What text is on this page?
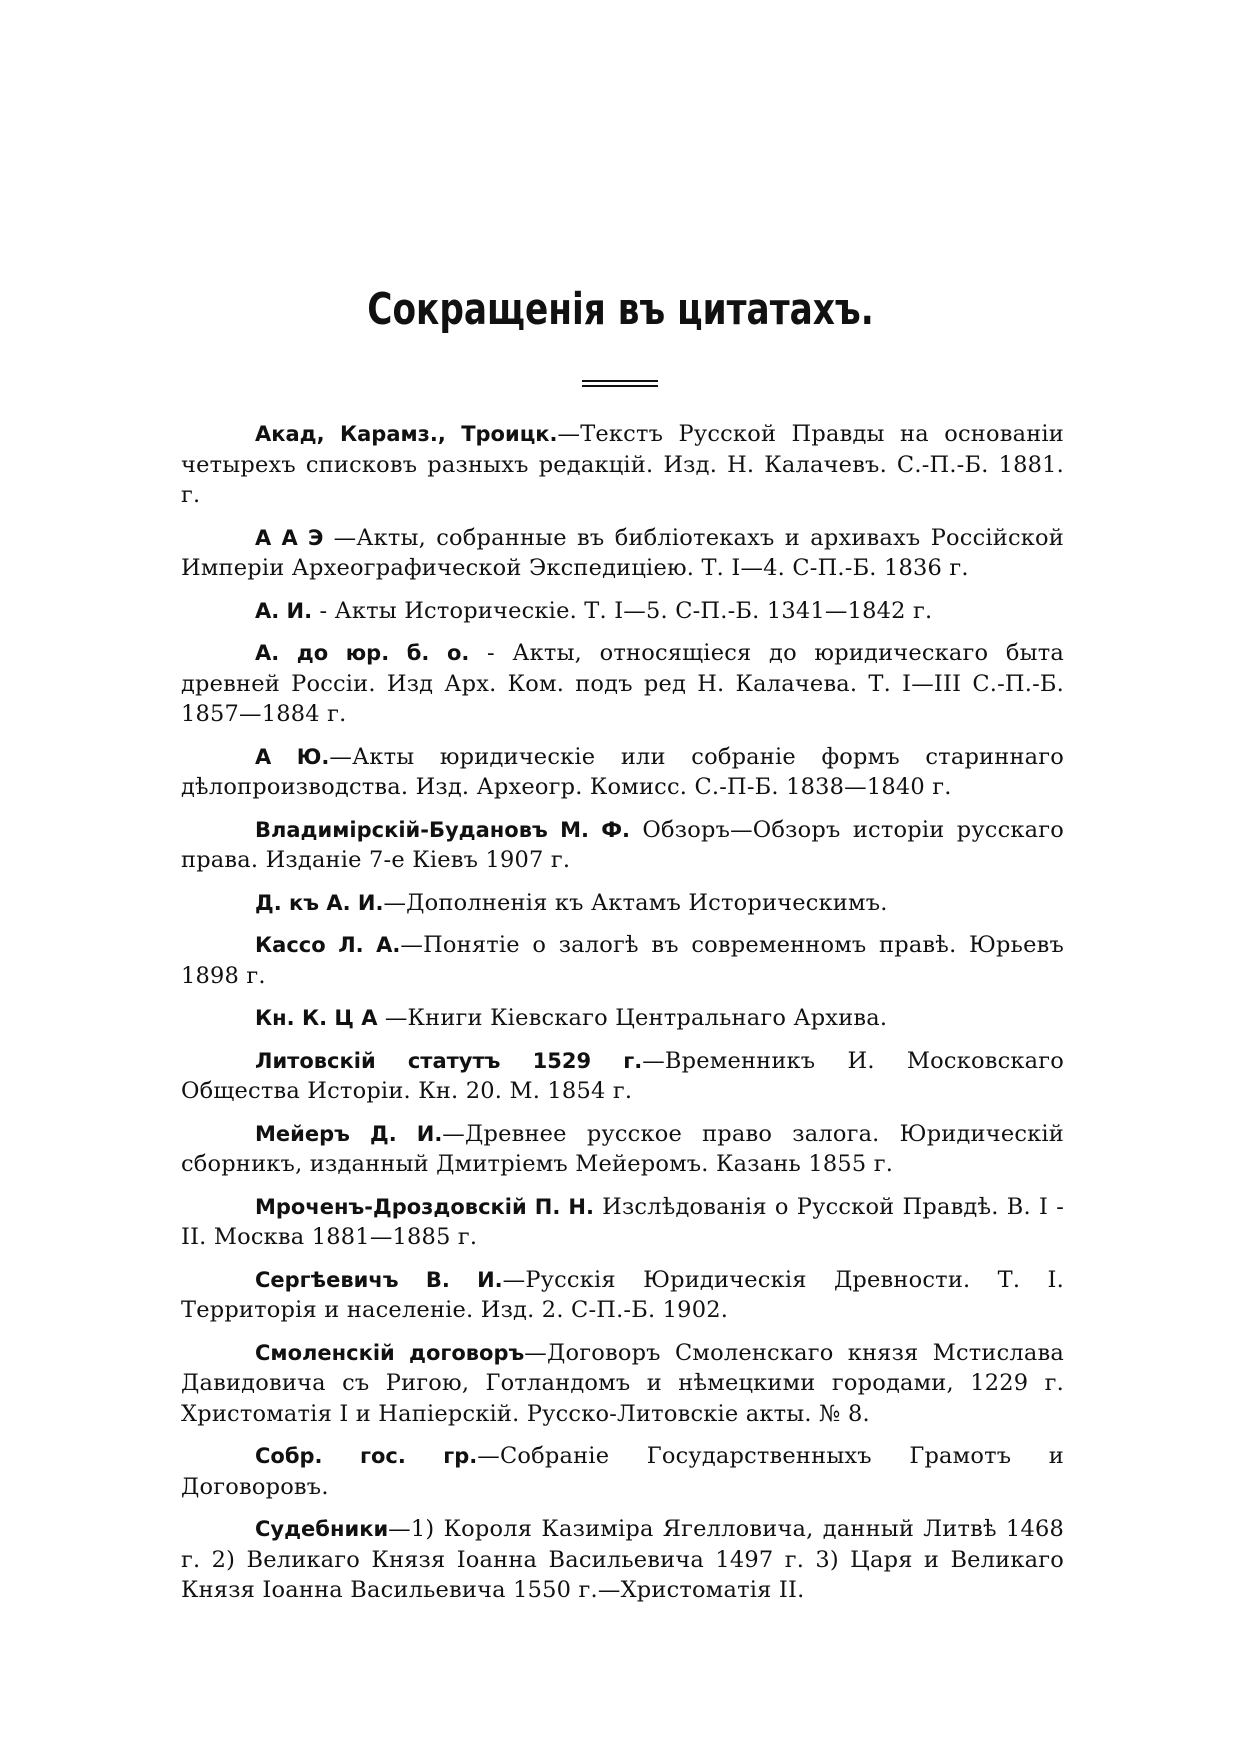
Сокращенія въ цитатахъ.

Акад, Карамз., Троицк.—Текстъ Русской Правды на основаніи четырехъ списковъ разныхъ редакцій. Изд. Н. Калачевъ. С.-П.-Б. 1881. г.

А А Э —Акты, собранные въ библіотекахъ и архивахъ Россійской Имперіи Археографической Экспедиціею. Т. I—4. С-П.-Б. 1836 г.

А. И. - Акты Историческіе. Т. I—5. С-П.-Б. 1341—1842 г.

А. до юр. б. о. - Акты, относящіеся до юридическаго быта древней Россіи. Изд Арх. Ком. подъ ред Н. Калачева. Т. I—III С.-П.-Б. 1857—1884 г.

А Ю.—Акты юридическіе или собраніе формъ стариннаго дѣлопроизводства. Изд. Археогр. Комисс. С.-П-Б. 1838—1840 г.

Владимірскій-Будановъ М. Ф. Обзоръ—Обзоръ исторіи русскаго права. Изданіе 7-е Кіевъ 1907 г.

Д. къ А. И.—Дополненія къ Актамъ Историческимъ.

Кассо Л. А.—Понятіе о залогѣ въ современномъ правѣ. Юрьевъ 1898 г.

Кн. К. Ц А —Книги Кіевскаго Центральнаго Архива.

Литовскій статутъ 1529 г.—Временникъ И. Московскаго Общества Исторіи. Кн. 20. М. 1854 г.

Мейеръ Д. И.—Древнее русское право залога. Юридическій сборникъ, изданный Дмитріемъ Мейеромъ. Казань 1855 г.

Мроченъ-Дроздовскій П. Н. Изслѣдованія о Русской Правдѣ. В. I - II. Москва 1881—1885 г.

Сергѣевичъ В. И.—Русскія Юридическія Древности. Т. I. Территорія и населеніе. Изд. 2. С-П.-Б. 1902.

Смоленскій договоръ—Договоръ Смоленскаго князя Мстислава Давидовича съ Ригою, Готландомъ и нѣмецкими городами, 1229 г. Христоматія I и Напіерскій. Русско-Литовскіе акты. № 8.

Собр. гос. гр.—Собраніе Государственныхъ Грамотъ и Договоровъ.

Судебники—1) Короля Казиміра Ягелловича, данный Литвѣ 1468 г. 2) Великаго Князя Іоанна Васильевича 1497 г. 3) Царя и Великаго Князя Іоанна Васильевича 1550 г.—Христоматія II.
